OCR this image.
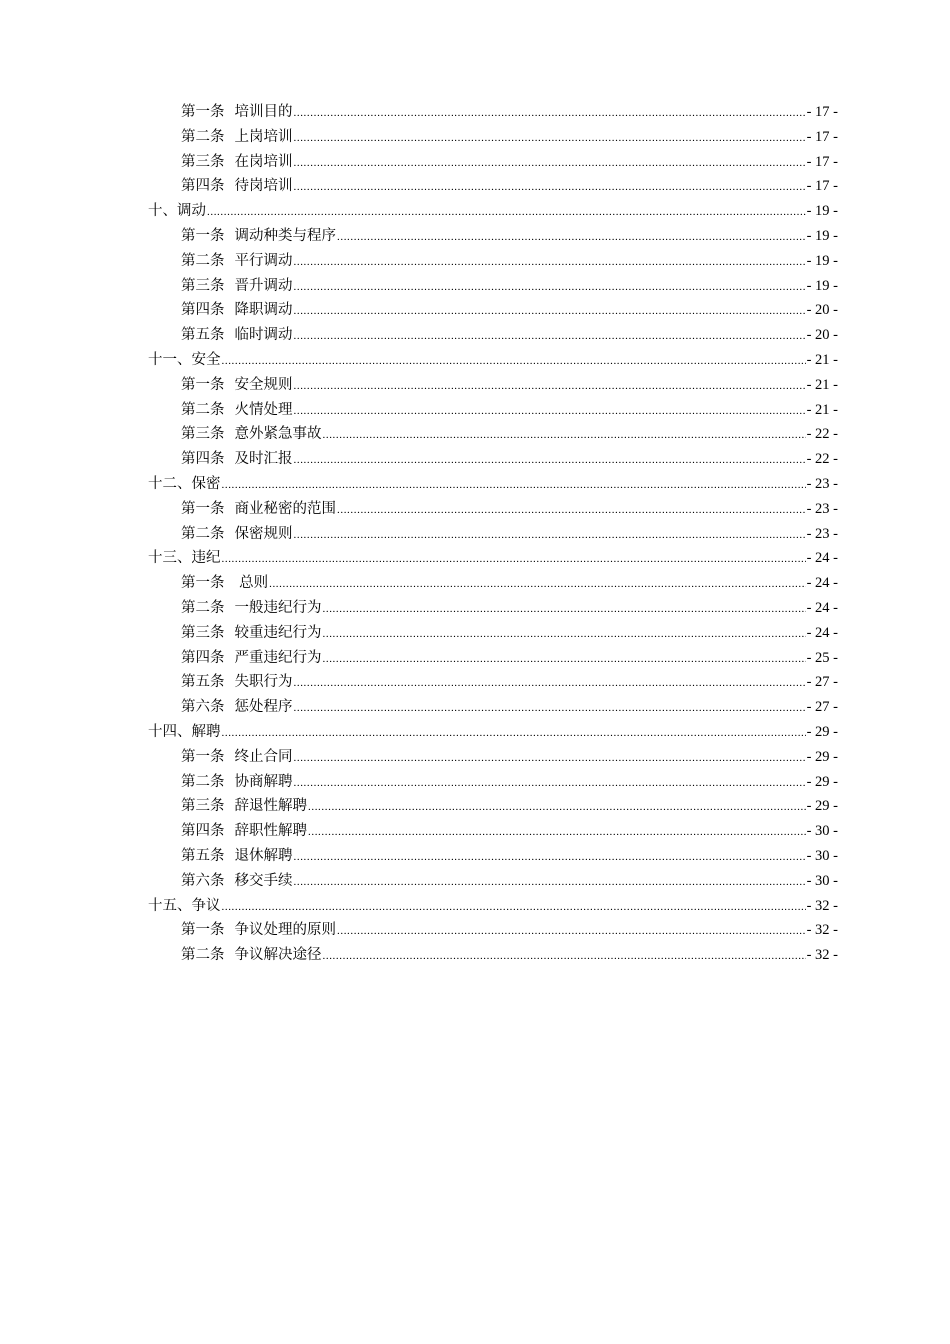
第一条 培训目的 .....	- 17 -
第二条 上岗培训 .....	- 17 -
第三条 在岗培训 .....	- 17 -
第四条 待岗培训 .....	- 17 -
十、调动 .....	- 19 -
第一条 调动种类与程序 .....	- 19 -
第二条 平行调动 .....	- 19 -
第三条 晋升调动 .....	- 19 -
第四条 降职调动 .....	- 20 -
第五条 临时调动 .....	- 20 -
十一、安全 .....	- 21 -
第一条 安全规则 .....	- 21 -
第二条 火情处理 .....	- 21 -
第三条 意外紧急事故 .....	- 22 -
第四条 及时汇报 .....	- 22 -
十二、保密 .....	- 23 -
第一条 商业秘密的范围 .....	- 23 -
第二条 保密规则 .....	- 23 -
十三、违纪 .....	- 24 -
第一条 总则 .....	- 24 -
第二条 一般违纪行为 .....	- 24 -
第三条 较重违纪行为 .....	- 24 -
第四条 严重违纪行为 .....	- 25 -
第五条 失职行为 .....	- 27 -
第六条 惩处程序 .....	- 27 -
十四、解聘 .....	- 29 -
第一条 终止合同 .....	- 29 -
第二条 协商解聘 .....	- 29 -
第三条 辞退性解聘 .....	- 29 -
第四条 辞职性解聘 .....	- 30 -
第五条 退休解聘 .....	- 30 -
第六条 移交手续 .....	- 30 -
十五、争议 .....	- 32 -
第一条 争议处理的原则 .....	- 32 -
第二条 争议解决途径 .....	- 32 -
